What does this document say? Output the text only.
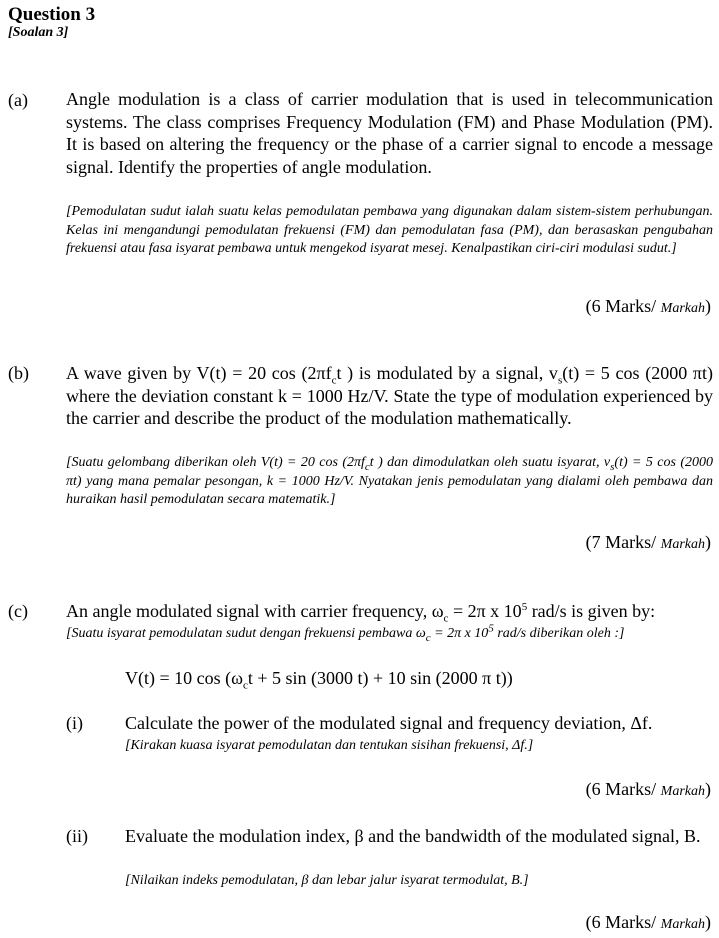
Question 3
[Soalan 3]
(a) Angle modulation is a class of carrier modulation that is used in telecommunication systems. The class comprises Frequency Modulation (FM) and Phase Modulation (PM). It is based on altering the frequency or the phase of a carrier signal to encode a message signal. Identify the properties of angle modulation.
[Pemodulatan sudut ialah suatu kelas pemodulatan pembawa yang digunakan dalam sistem-sistem perhubungan. Kelas ini mengandungi pemodulatan frekuensi (FM) dan pemodulatan fasa (PM), dan berasaskan pengubahan frekuensi atau fasa isyarat pembawa untuk mengekod isyarat mesej. Kenalpastikan ciri-ciri modulasi sudut.]
(6 Marks/ Markah)
(b) A wave given by V(t) = 20 $\cos (2\pi f_ct$ ) is modulated by a signal, $v_s(t) = 5$ cos (2000 πt) where the deviation constant k = 1000 Hz/V. State the type of modulation experienced by the carrier and describe the product of the modulation mathematically.
[Suatu gelombang diberikan oleh V(t) = 20 $\cos (2\pi f_ct$ ) dan dimodulatkan oleh suatu isyarat, $v_s(t) = 5$ cos (2000 πt) yang mana pemalar pesongan, k = 1000 Hz/V. Nyatakan jenis pemodulatan yang dialami oleh pembawa dan huraikan hasil pemodulatan secara matematik.]
(7 Marks/ Markah)
(c) An angle modulated signal with carrier frequency, $\omega_c = 2\pi$ x $10^5$ rad/s is given by:
[Suatu isyarat pemodulatan sudut dengan frekuensi pembawa $\omega_c = 2\pi$ x $10^5$ rad/s diberikan oleh :]
V(t) = 10 $\cos (\omega_ct + 5$ sin (3000 t) + 10 sin (2000 π t))
(i) Calculate the power of the modulated signal and frequency deviation, Δf.
[Kirakan kuasa isyarat pemodulatan dan tentukan sisihan frekuensi, Δf.]
(6 Marks/ Markah)
(ii) Evaluate the modulation index, β and the bandwidth of the modulated signal, B.
[Nilaikan indeks pemodulatan, β dan lebar jalur isyarat termodulat, B.]
(6 Marks/ Markah)
